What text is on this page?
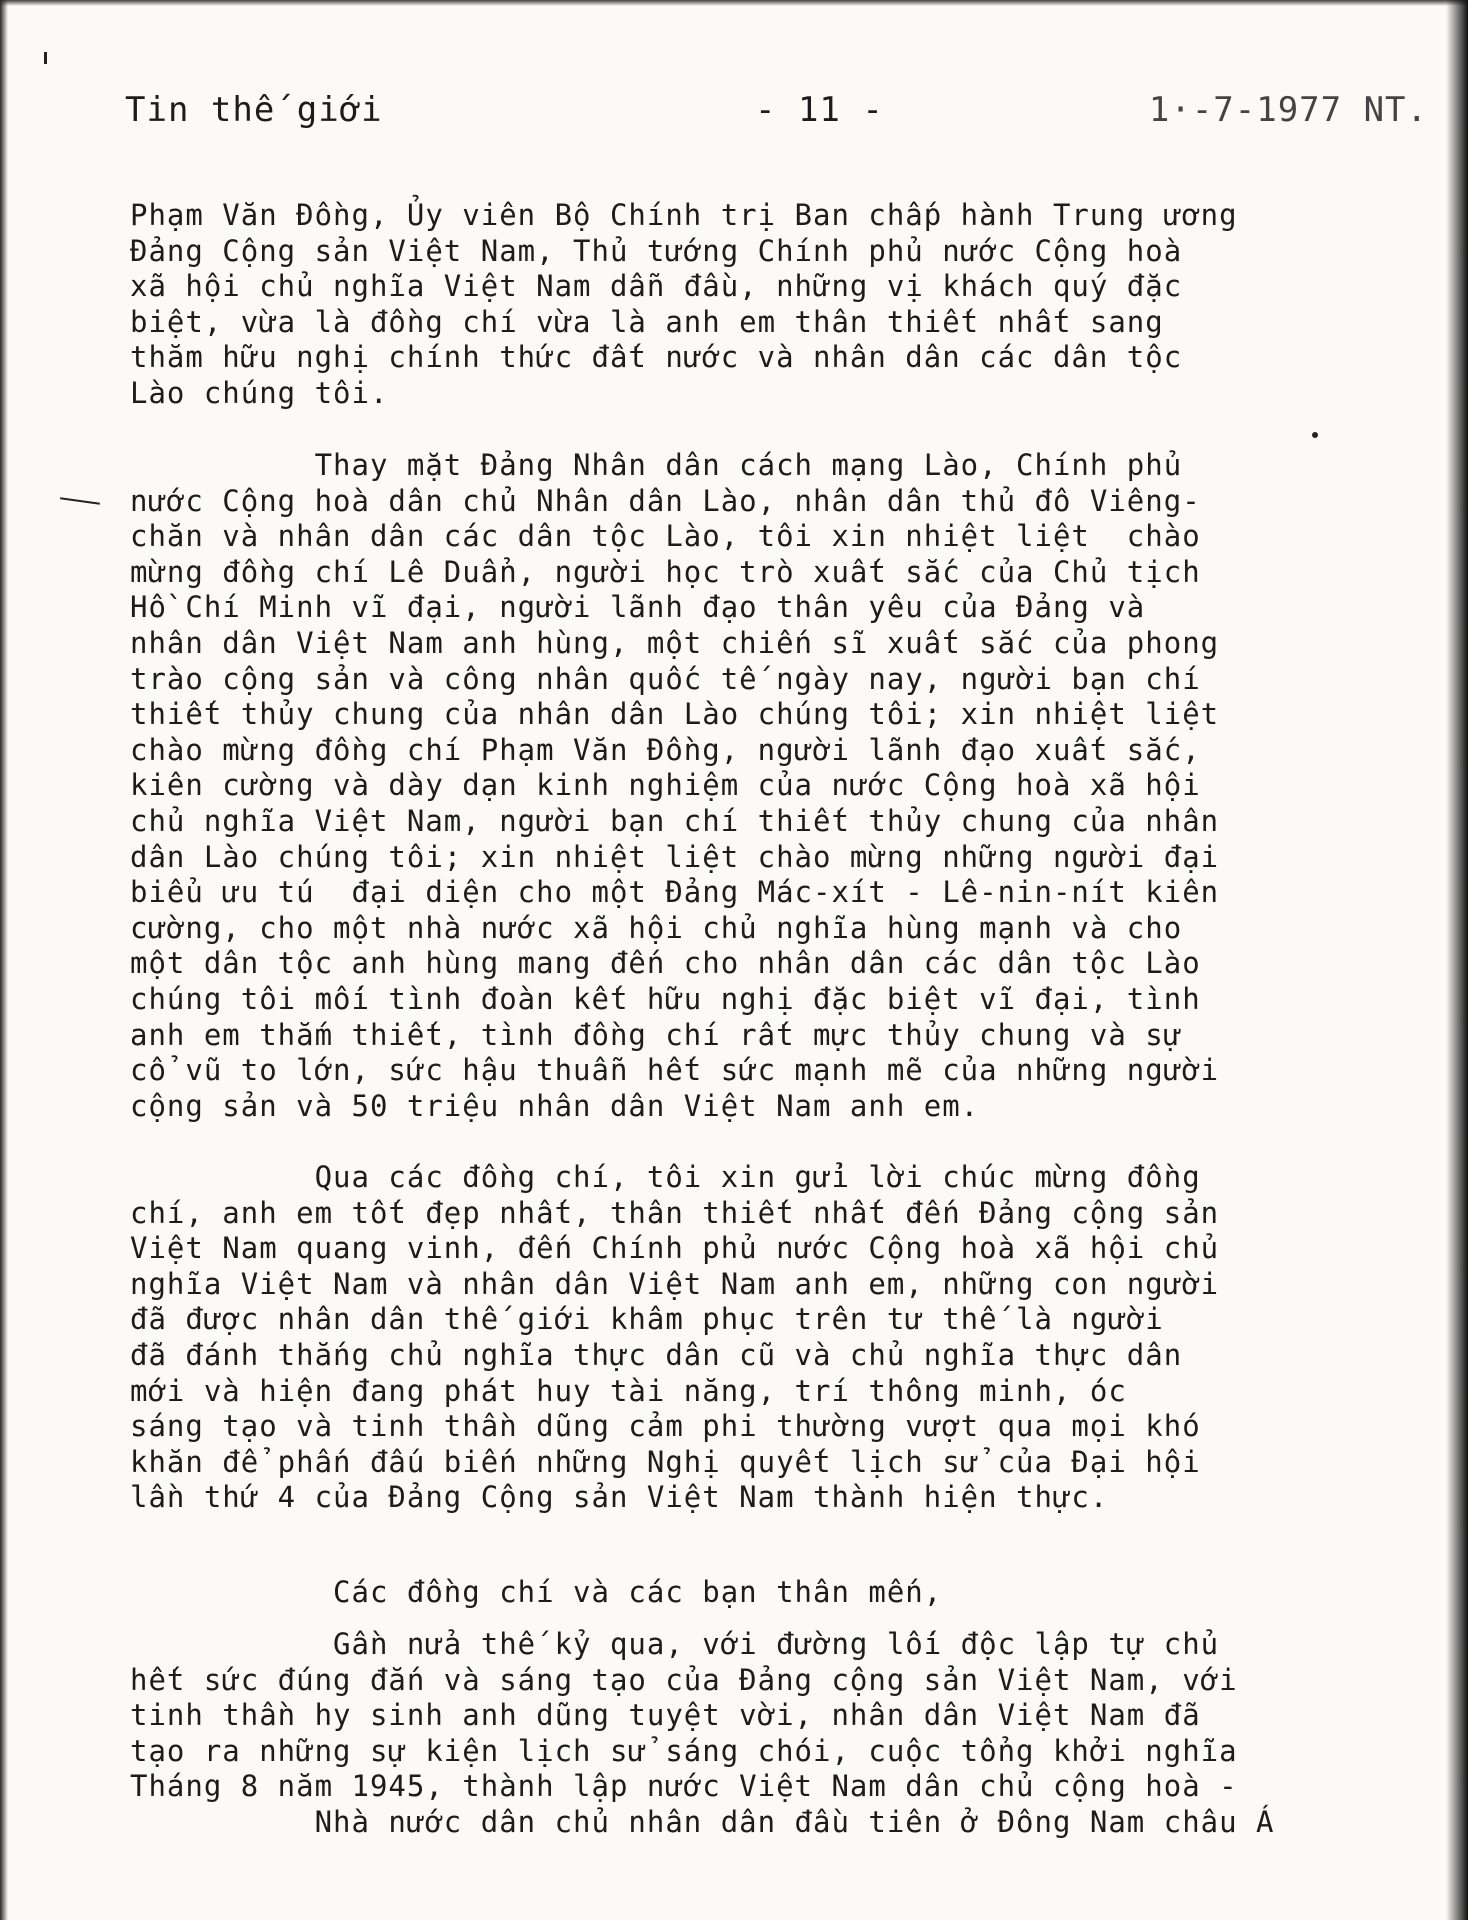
Tin thế giới	- 11 -	1·-7-1977 NT.
Phạm Văn Đồng, Ủy viên Bộ Chính trị Ban chấp hành Trung ương
Đảng Cộng sản Việt Nam, Thủ tướng Chính phủ nước Cộng hoà
xã hội chủ nghĩa Việt Nam dẫn đầu, những vị khách quý đặc
biệt, vừa là đồng chí vừa là anh em thân thiết nhất sang
thăm hữu nghị chính thức đất nước và nhân dân các dân tộc
Lào chúng tôi.
Thay mặt Đảng Nhân dân cách mạng Lào, Chính phủ
nước Cộng hoà dân chủ Nhân dân Lào, nhân dân thủ đô Viêng-
chăn và nhân dân các dân tộc Lào, tôi xin nhiệt liệt  chào
mừng đồng chí Lê Duẩn, người học trò xuất sắc của Chủ tịch
Hồ Chí Minh vĩ đại, người lãnh đạo thân yêu của Đảng và
nhân dân Việt Nam anh hùng, một chiến sĩ xuất sắc của phong
trào cộng sản và công nhân quốc tế ngày nay, người bạn chí
thiết thủy chung của nhân dân Lào chúng tôi; xin nhiệt liệt
chào mừng đồng chí Phạm Văn Đồng, người lãnh đạo xuất sắc,
kiên cường và dày dạn kinh nghiệm của nước Cộng hoà xã hội
chủ nghĩa Việt Nam, người bạn chí thiết thủy chung của nhân
dân Lào chúng tôi; xin nhiệt liệt chào mừng những người đại
biểu ưu tú  đại diện cho một Đảng Mác-xít - Lê-nin-nít kiên
cường, cho một nhà nước xã hội chủ nghĩa hùng mạnh và cho
một dân tộc anh hùng mang đến cho nhân dân các dân tộc Lào
chúng tôi mối tình đoàn kết hữu nghị đặc biệt vĩ đại, tình
anh em thắm thiết, tình đồng chí rất mực thủy chung và sự
cổ vũ to lớn, sức hậu thuẫn hết sức mạnh mẽ của những người
cộng sản và 50 triệu nhân dân Việt Nam anh em.
Qua các đồng chí, tôi xin gửi lời chúc mừng đồng
chí, anh em tốt đẹp nhất, thân thiết nhất đến Đảng cộng sản
Việt Nam quang vinh, đến Chính phủ nước Cộng hoà xã hội chủ
nghĩa Việt Nam và nhân dân Việt Nam anh em, những con người
đã được nhân dân thế giới khâm phục trên tư thế là người
đã đánh thắng chủ nghĩa thực dân cũ và chủ nghĩa thực dân
mới và hiện đang phát huy tài năng, trí thông minh, óc
sáng tạo và tinh thần dũng cảm phi thường vượt qua mọi khó
khăn để phấn đấu biến những Nghị quyết lịch sử của Đại hội
lần thứ 4 của Đảng Cộng sản Việt Nam thành hiện thực.
Các đồng chí và các bạn thân mến,
Gần nửa thế kỷ qua, với đường lối độc lập tự chủ
hết sức đúng đắn và sáng tạo của Đảng cộng sản Việt Nam, với
tinh thần hy sinh anh dũng tuyệt vời, nhân dân Việt Nam đã
tạo ra những sự kiện lịch sử sáng chói, cuộc tổng khởi nghĩa
Tháng 8 năm 1945, thành lập nước Việt Nam dân chủ cộng hoà -
Nhà nước dân chủ nhân dân đầu tiên ở Đông Nam châu Á
